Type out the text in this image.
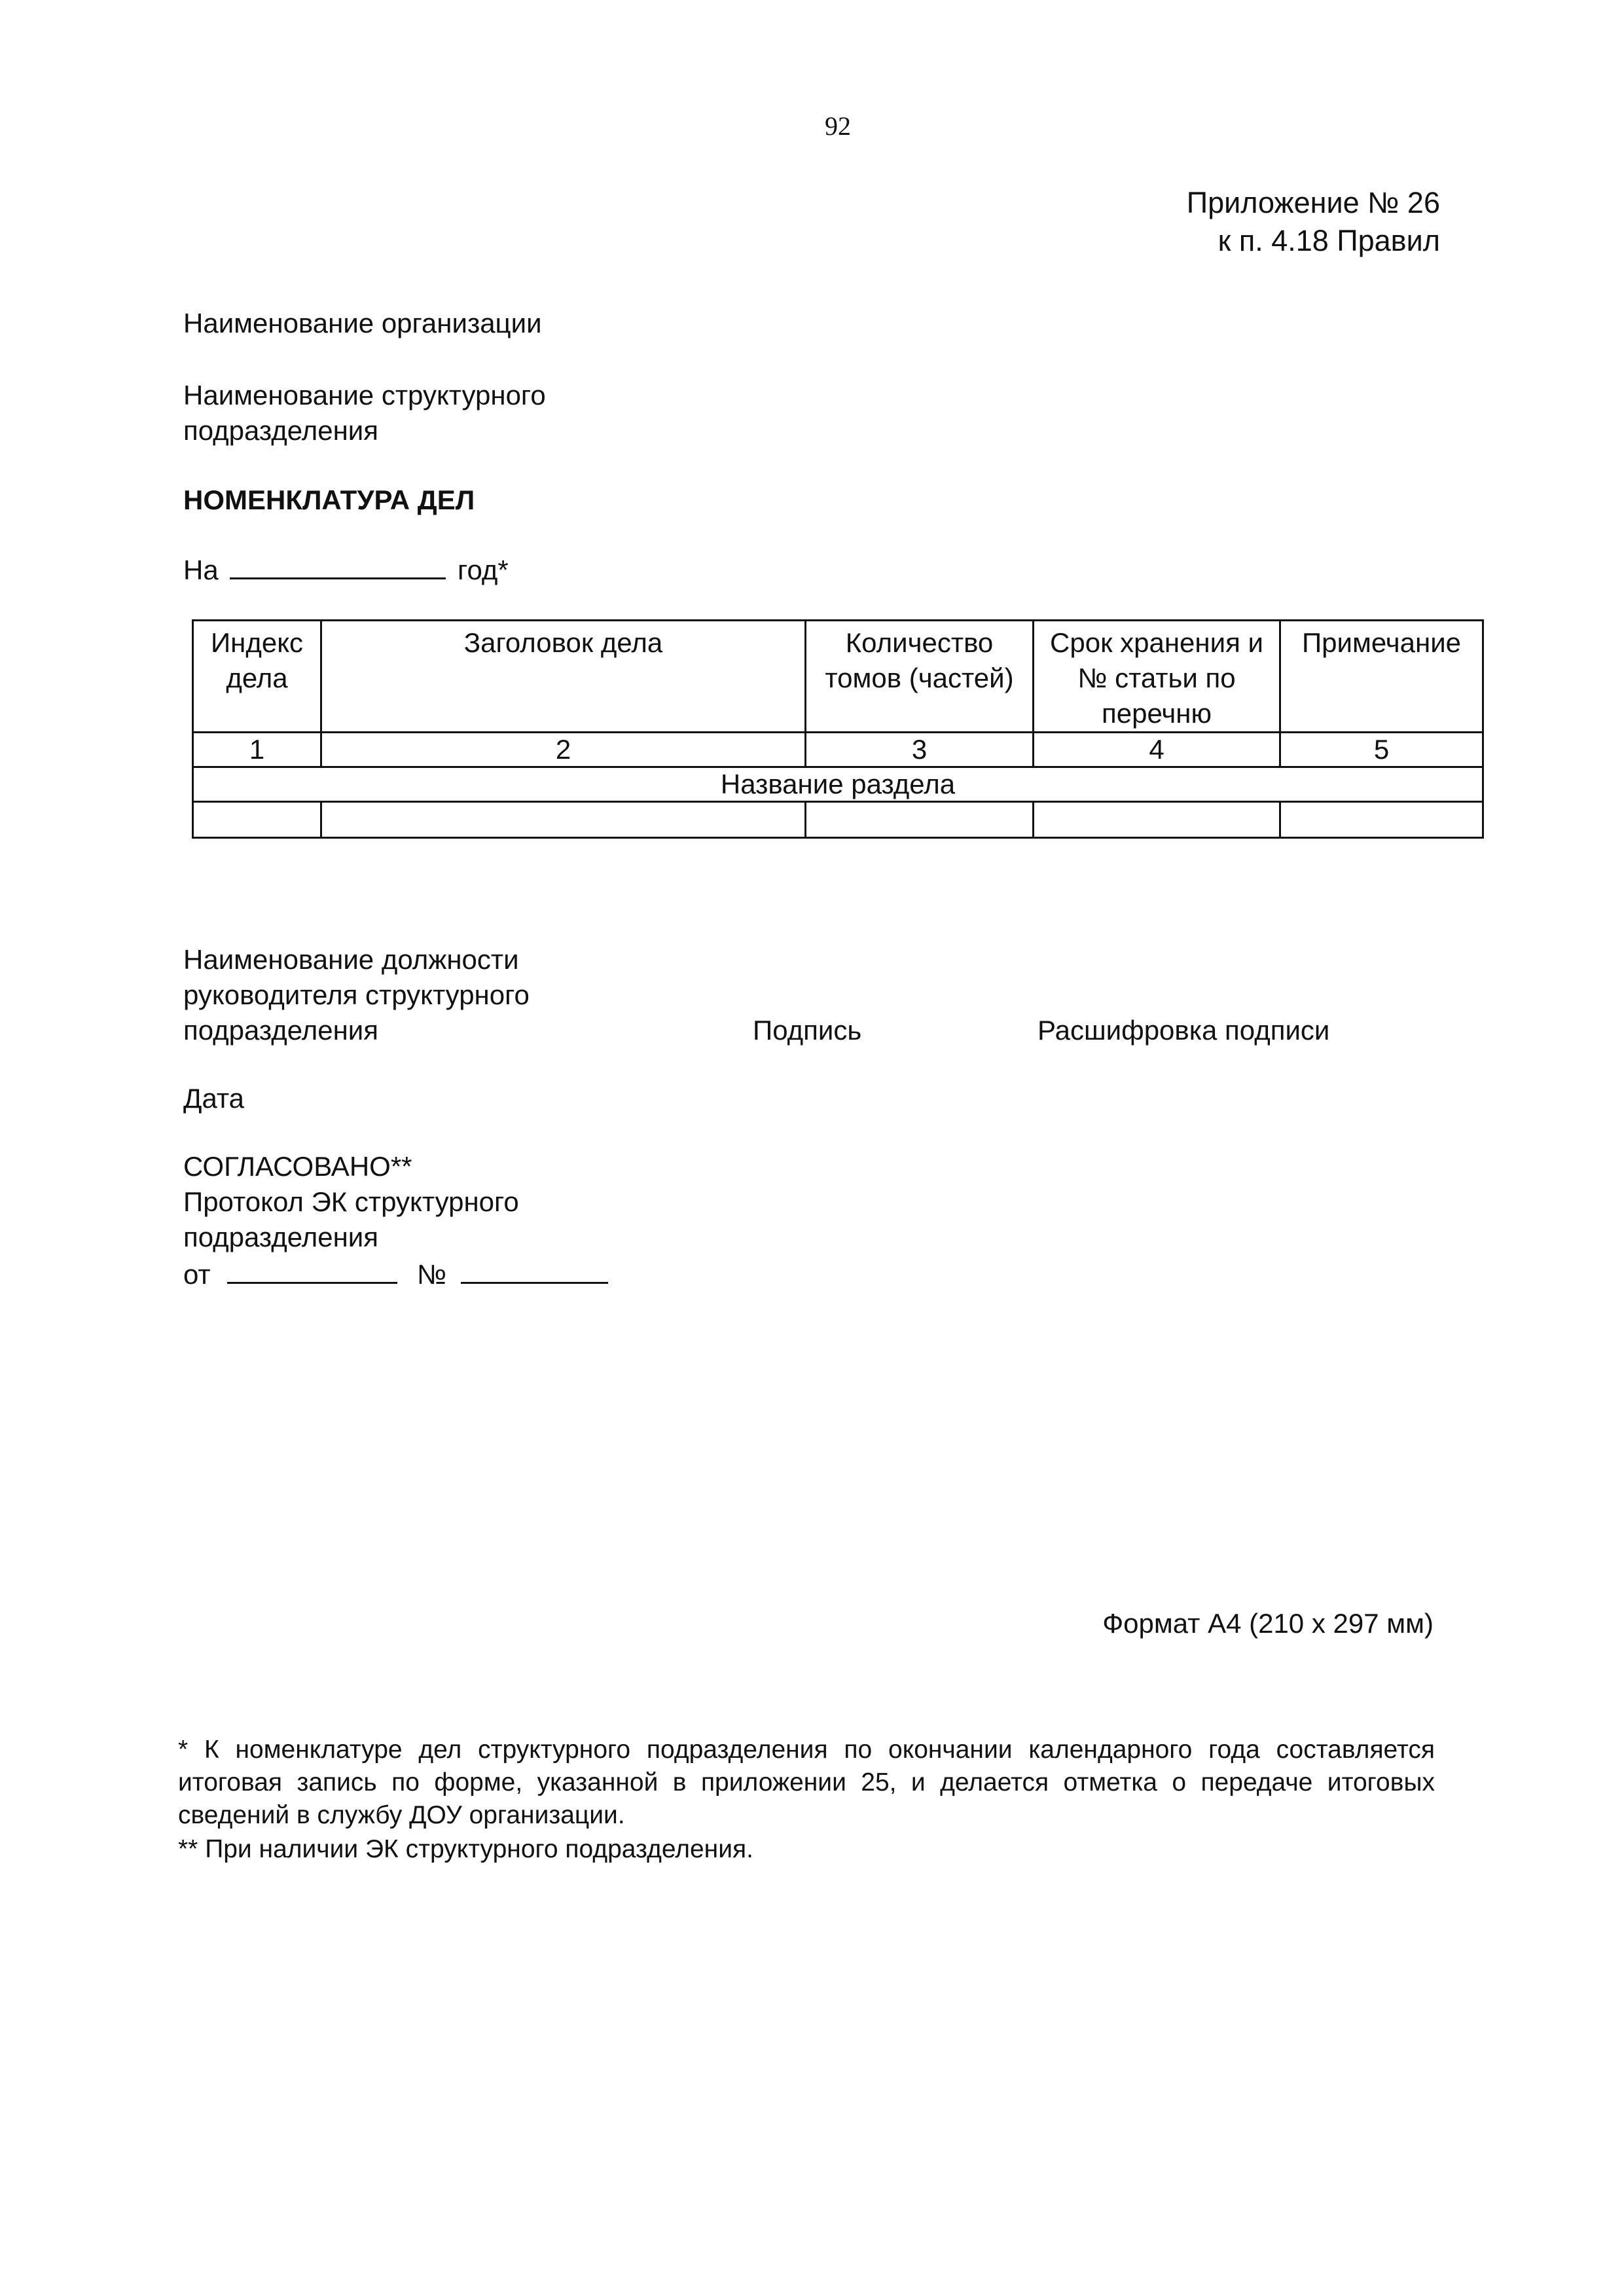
92
Приложение № 26
к п. 4.18 Правил
Наименование организации
Наименование структурного
подразделения
НОМЕНКЛАТУРА ДЕЛ
На	год*
Индекс дела	Заголовок дела	Количество томов (частей)	Срок хранения и № статьи по перечню	Примечание

1	2	3	4	5
Название раздела				

Наименование должности
руководителя структурного
подразделения	Подпись	Расшифровка подписи
Дата
СОГЛАСОВАНО**
Протокол ЭК структурного
подразделения
от	№
Формат А4 (210 х 297 мм)
* К номенклатуре дел структурного подразделения по окончании календарного года составляется итоговая запись по форме, указанной в приложении 25, и делается отметка о передаче итоговых сведений в службу ДОУ организации.
** При наличии ЭК структурного подразделения.
